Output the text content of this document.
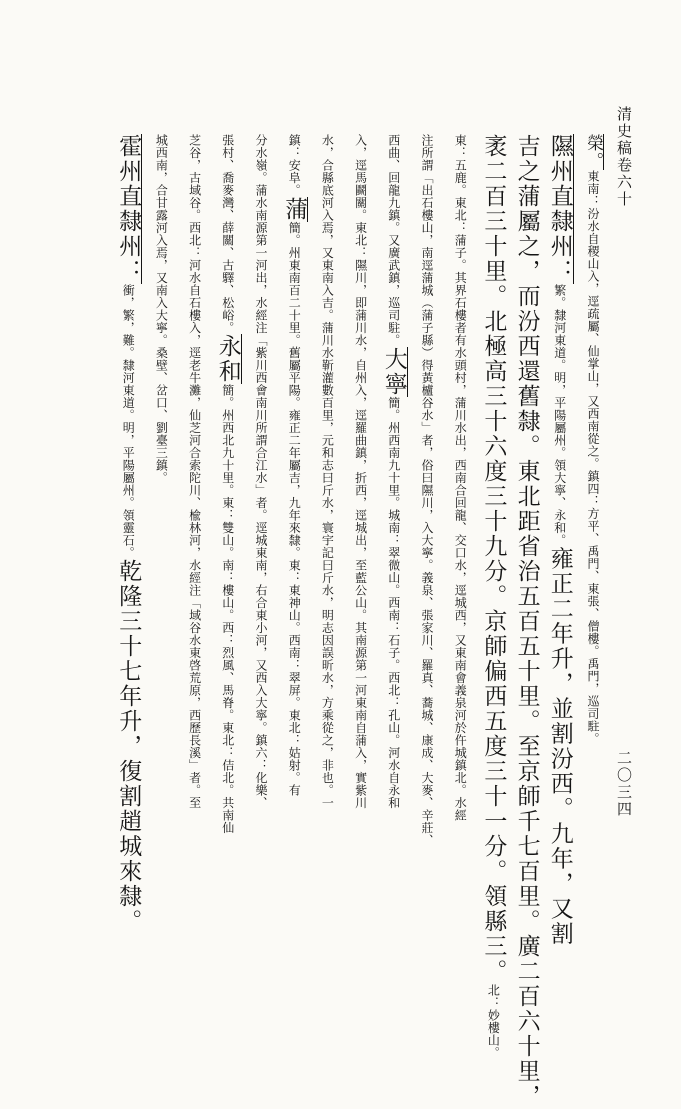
清史稿卷六十
二〇三四
榮。東南：汾水自稷山入，逕疏屬、仙掌山，又西南從之。鎮四：方平、禹門、東張、僧樓。禹門，巡司駐。
隰州直隸州：繁。隸河東道。明，平陽屬州。領大寧、永和。雍正二年升，並割汾西。九年，又割
吉之蒲屬之，而汾西還舊隸。東北距省治五百五十里。至京師千七百里。廣二百六十里，
袤二百三十里。北極高三十六度三十九分。京師偏西五度三十一分。領縣三。北：妙樓山。
東：五鹿。東北：蒲子。其界石樓者有水頭村，蒲川水出，西南合回龍、交口水，逕城西，又東南會義泉河於仵城鎮北。水經
注所謂「出石樓山，南逕蒲城（蒲子縣）得黃櫨谷水」者，俗曰隰川，入大寧。義泉、張家川、羅真、蕎城、康成、大麥、辛莊、
西曲、回龍九鎮。又廣武鎮，巡司駐。大寧簡。州西南九十里。城南：翠微山。西南：石子。西北：孔山。河水自永和
入，逕馬鬬關。東北：隰川，即蒲川水，自州入，逕羅曲鎮，折西，逕城出，至藍公山。其南源第一河東南自蒲入，實紫川
水，合縣底河入焉，又東南入吉。蒲川水靳灌數百里，元和志曰斤水，寰宇記曰斤水，明志因誤昕水，方乘從之，非也。一
鎮：安阜。蒲簡。州東南百二十里。舊屬平陽。雍正二年屬吉，九年來隸。東：東神山。西南：翠屏。東北：姑射。有
分水嶺。蒲水南源第一河出，水經注「紫川西會南川所謂合江水」者。逕城東南，右合東小河，又西入大寧。鎮六：化樂、
張村、喬麥灣、薛關、古驛、松峪。永和簡。州西北九十里。東：雙山。南：樓山。西：烈風、馬脊。東北：佶北。共南仙
芝谷，古域谷。西北：河水自石樓入，逕老牛灘，仙芝河合索陀川、楡林河，水經注「域谷水東啓荒原，西歷長溪」者。至
城西南，合甘露河入焉，又南入大寧。桑壁、岔口、劉臺三鎮。
霍州直隸州：衝，繁，難。隸河東道。明，平陽屬州。領靈石。乾隆三十七年升，復割趙城來隸。
